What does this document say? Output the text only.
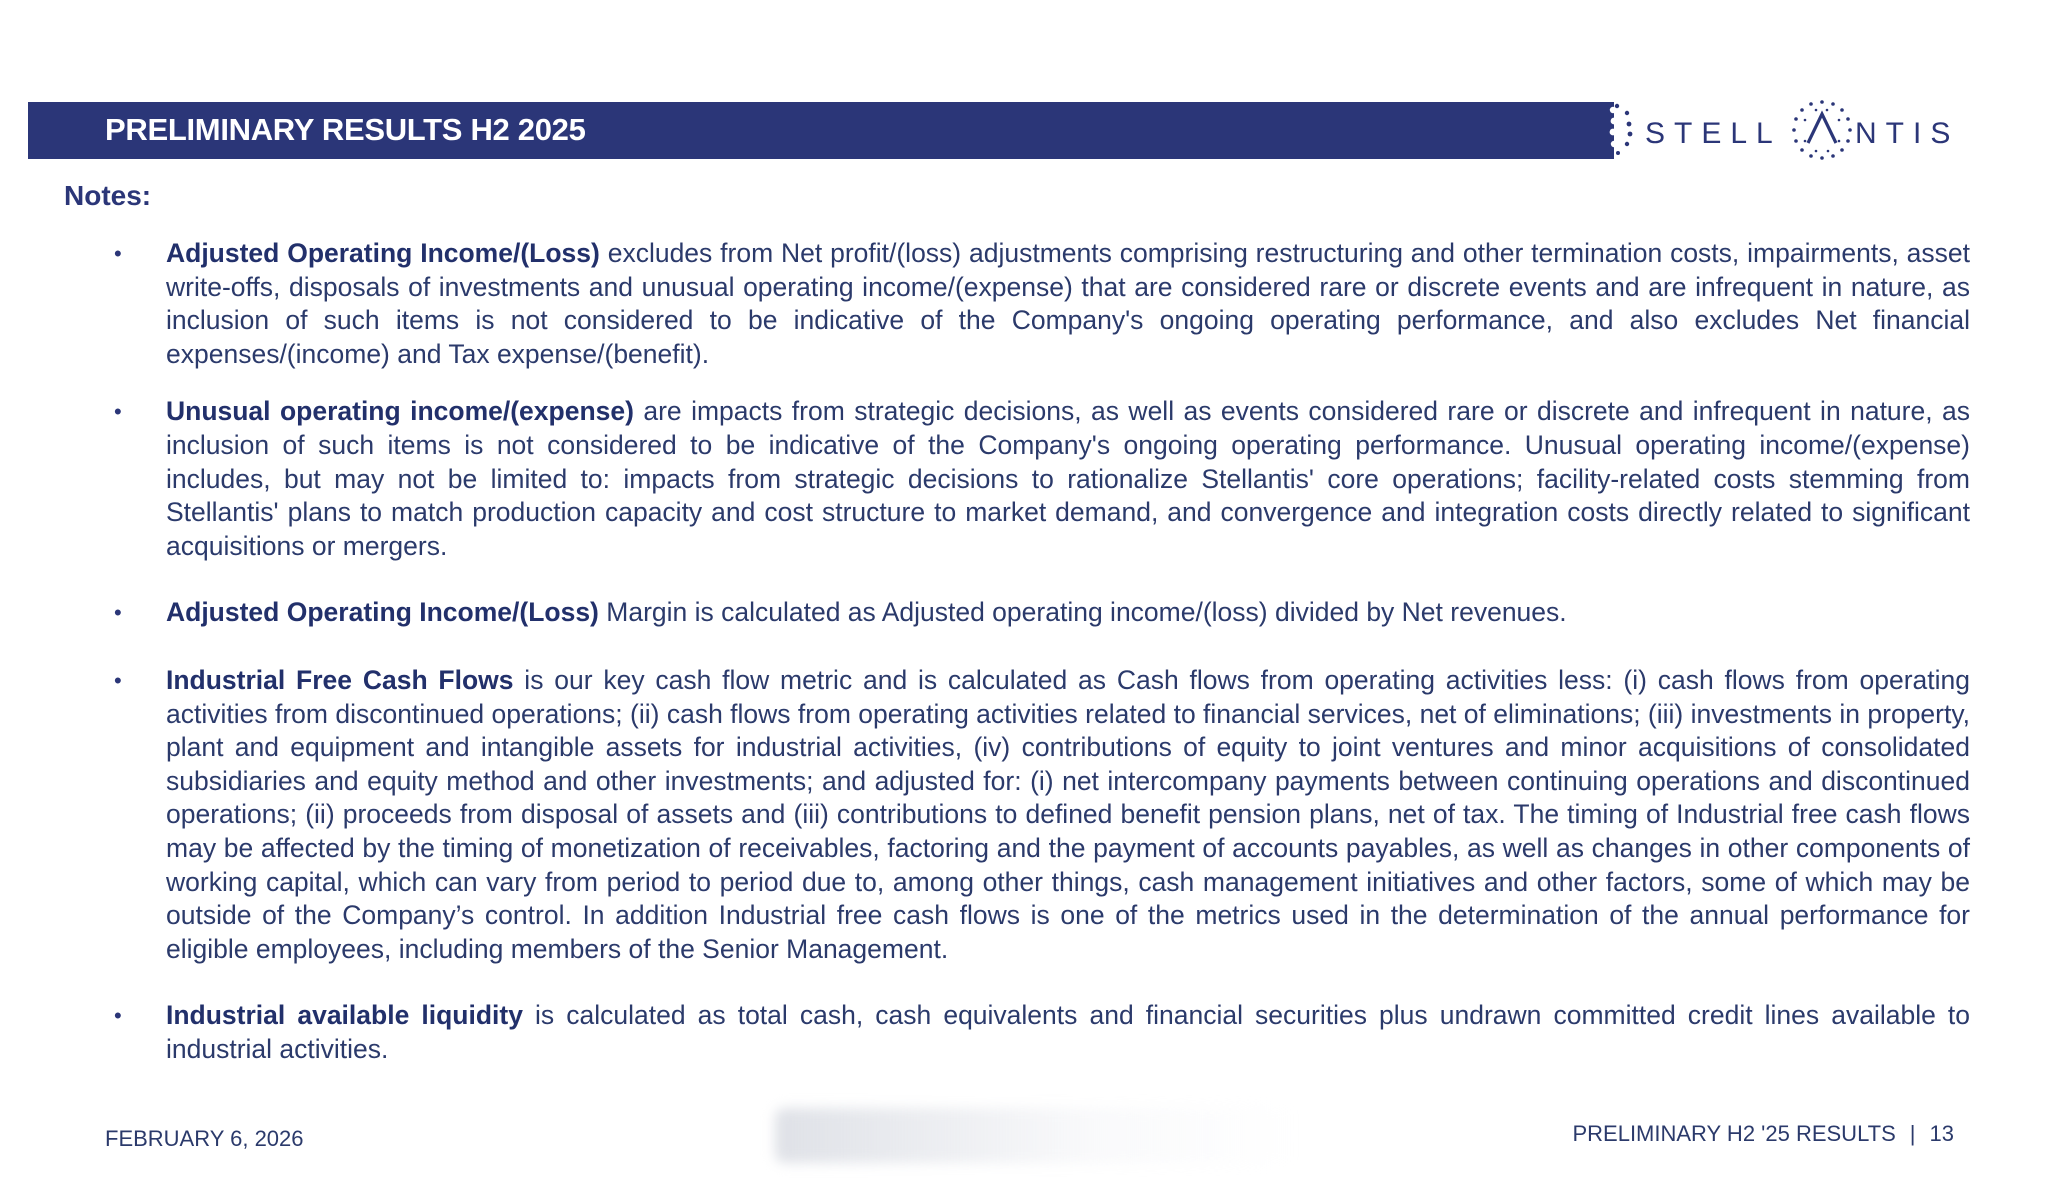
PRELIMINARY RESULTS H2 2025	STELL NTIS
Notes:
• Adjusted Operating Income/(Loss) excludes from Net profit/(loss) adjustments comprising restructuring and other termination costs, impairments, asset write-offs, disposals of investments and unusual operating income/(expense) that are considered rare or discrete events and are infrequent in nature, as inclusion of such items is not considered to be indicative of the Company's ongoing operating performance, and also excludes Net financial expenses/(income) and Tax expense/(benefit).
• Unusual operating income/(expense) are impacts from strategic decisions, as well as events considered rare or discrete and infrequent in nature, as inclusion of such items is not considered to be indicative of the Company's ongoing operating performance. Unusual operating income/(expense) includes, but may not be limited to: impacts from strategic decisions to rationalize Stellantis' core operations; facility-related costs stemming from Stellantis' plans to match production capacity and cost structure to market demand, and convergence and integration costs directly related to significant acquisitions or mergers.
• Adjusted Operating Income/(Loss) Margin is calculated as Adjusted operating income/(loss) divided by Net revenues.
• Industrial Free Cash Flows is our key cash flow metric and is calculated as Cash flows from operating activities less: (i) cash flows from operating activities from discontinued operations; (ii) cash flows from operating activities related to financial services, net of eliminations; (iii) investments in property, plant and equipment and intangible assets for industrial activities, (iv) contributions of equity to joint ventures and minor acquisitions of consolidated subsidiaries and equity method and other investments; and adjusted for: (i) net intercompany payments between continuing operations and discontinued operations; (ii) proceeds from disposal of assets and (iii) contributions to defined benefit pension plans, net of tax. The timing of Industrial free cash flows may be affected by the timing of monetization of receivables, factoring and the payment of accounts payables, as well as changes in other components of working capital, which can vary from period to period due to, among other things, cash management initiatives and other factors, some of which may be outside of the Company’s control. In addition Industrial free cash flows is one of the metrics used in the determination of the annual performance for eligible employees, including members of the Senior Management.
• Industrial available liquidity is calculated as total cash, cash equivalents and financial securities plus undrawn committed credit lines available to industrial activities.
FEBRUARY 6, 2026	PRELIMINARY H2 '25 RESULTS | 13
